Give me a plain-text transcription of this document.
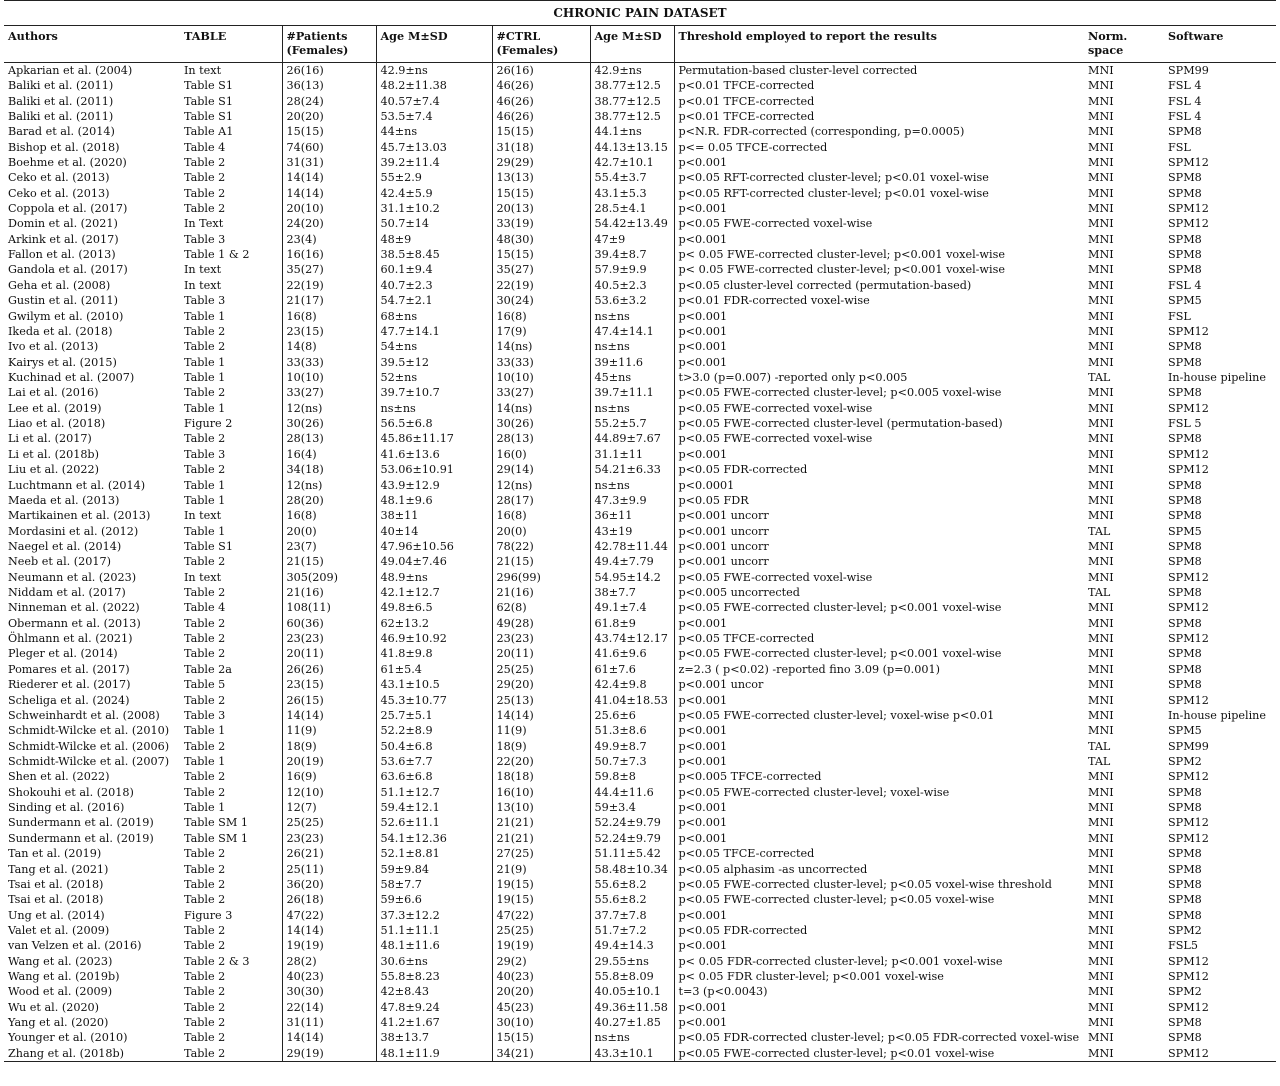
CHRONIC PAIN DATASET
Authors	TABLE	#Patients (Females)	Age M±SD	#CTRL (Females)	Age M±SD	Threshold employed to report the results	Norm. space	Software
Apkarian et al. (2004)	In text	26(16)	42.9±ns	26(16)	42.9±ns	Permutation-based cluster-level corrected	MNI	SPM99
Baliki et al. (2011)	Table S1	36(13)	48.2±11.38	46(26)	38.77±12.5	p<0.01 TFCE-corrected	MNI	FSL 4
Baliki et al. (2011)	Table S1	28(24)	40.57±7.4	46(26)	38.77±12.5	p<0.01 TFCE-corrected	MNI	FSL 4
Baliki et al. (2011)	Table S1	20(20)	53.5±7.4	46(26)	38.77±12.5	p<0.01 TFCE-corrected	MNI	FSL 4
Barad et al. (2014)	Table A1	15(15)	44±ns	15(15)	44.1±ns	p<N.R. FDR-corrected (corresponding, p=0.0005)	MNI	SPM8
Bishop et al. (2018)	Table 4	74(60)	45.7±13.03	31(18)	44.13±13.15	p<= 0.05 TFCE-corrected	MNI	FSL
Boehme et al. (2020)	Table 2	31(31)	39.2±11.4	29(29)	42.7±10.1	p<0.001	MNI	SPM12
Ceko et al. (2013)	Table 2	14(14)	55±2.9	13(13)	55.4±3.7	p<0.05 RFT-corrected cluster-level; p<0.01 voxel-wise	MNI	SPM8
Ceko et al. (2013)	Table 2	14(14)	42.4±5.9	15(15)	43.1±5.3	p<0.05 RFT-corrected cluster-level; p<0.01 voxel-wise	MNI	SPM8
Coppola et al. (2017)	Table 2	20(10)	31.1±10.2	20(13)	28.5±4.1	p<0.001	MNI	SPM12
Domin et al. (2021)	In Text	24(20)	50.7±14	33(19)	54.42±13.49	p<0.05 FWE-corrected voxel-wise	MNI	SPM12
Arkink et al. (2017)	Table 3	23(4)	48±9	48(30)	47±9	p<0.001	MNI	SPM8
Fallon et al. (2013)	Table 1 & 2	16(16)	38.5±8.45	15(15)	39.4±8.7	p< 0.05 FWE-corrected cluster-level; p<0.001 voxel-wise	MNI	SPM8
Gandola et al. (2017)	In text	35(27)	60.1±9.4	35(27)	57.9±9.9	p< 0.05 FWE-corrected cluster-level; p<0.001 voxel-wise	MNI	SPM8
Geha et al. (2008)	In text	22(19)	40.7±2.3	22(19)	40.5±2.3	p<0.05 cluster-level corrected (permutation-based)	MNI	FSL 4
Gustin et al. (2011)	Table 3	21(17)	54.7±2.1	30(24)	53.6±3.2	p<0.01 FDR-corrected voxel-wise	MNI	SPM5
Gwilym et al. (2010)	Table 1	16(8)	68±ns	16(8)	ns±ns	p<0.001	MNI	FSL
Ikeda et al. (2018)	Table 2	23(15)	47.7±14.1	17(9)	47.4±14.1	p<0.001	MNI	SPM12
Ivo et al. (2013)	Table 2	14(8)	54±ns	14(ns)	ns±ns	p<0.001	MNI	SPM8
Kairys et al. (2015)	Table 1	33(33)	39.5±12	33(33)	39±11.6	p<0.001	MNI	SPM8
Kuchinad et al. (2007)	Table 1	10(10)	52±ns	10(10)	45±ns	t>3.0 (p=0.007) -reported only p<0.005	TAL	In-house pipeline
Lai et al. (2016)	Table 2	33(27)	39.7±10.7	33(27)	39.7±11.1	p<0.05 FWE-corrected cluster-level; p<0.005 voxel-wise	MNI	SPM8
Lee et al. (2019)	Table 1	12(ns)	ns±ns	14(ns)	ns±ns	p<0.05 FWE-corrected voxel-wise	MNI	SPM12
Liao et al. (2018)	Figure 2	30(26)	56.5±6.8	30(26)	55.2±5.7	p<0.05 FWE-corrected cluster-level (permutation-based)	MNI	FSL 5
Li et al. (2017)	Table 2	28(13)	45.86±11.17	28(13)	44.89±7.67	p<0.05 FWE-corrected voxel-wise	MNI	SPM8
Li et al. (2018b)	Table 3	16(4)	41.6±13.6	16(0)	31.1±11	p<0.001	MNI	SPM12
Liu et al. (2022)	Table 2	34(18)	53.06±10.91	29(14)	54.21±6.33	p<0.05 FDR-corrected	MNI	SPM12
Luchtmann et al. (2014)	Table 1	12(ns)	43.9±12.9	12(ns)	ns±ns	p<0.0001	MNI	SPM8
Maeda et al. (2013)	Table 1	28(20)	48.1±9.6	28(17)	47.3±9.9	p<0.05 FDR	MNI	SPM8
Martikainen et al. (2013)	In text	16(8)	38±11	16(8)	36±11	p<0.001 uncorr	MNI	SPM8
Mordasini et al. (2012)	Table 1	20(0)	40±14	20(0)	43±19	p<0.001 uncorr	TAL	SPM5
Naegel et al. (2014)	Table S1	23(7)	47.96±10.56	78(22)	42.78±11.44	p<0.001 uncorr	MNI	SPM8
Neeb et al. (2017)	Table 2	21(15)	49.04±7.46	21(15)	49.4±7.79	p<0.001 uncorr	MNI	SPM8
Neumann et al. (2023)	In text	305(209)	48.9±ns	296(99)	54.95±14.2	p<0.05 FWE-corrected voxel-wise	MNI	SPM12
Niddam et al. (2017)	Table 2	21(16)	42.1±12.7	21(16)	38±7.7	p<0.005 uncorrected	TAL	SPM8
Ninneman et al. (2022)	Table 4	108(11)	49.8±6.5	62(8)	49.1±7.4	p<0.05 FWE-corrected cluster-level; p<0.001 voxel-wise	MNI	SPM12
Obermann et al. (2013)	Table 2	60(36)	62±13.2	49(28)	61.8±9	p<0.001	MNI	SPM8
Öhlmann et al. (2021)	Table 2	23(23)	46.9±10.92	23(23)	43.74±12.17	p<0.05 TFCE-corrected	MNI	SPM12
Pleger et al. (2014)	Table 2	20(11)	41.8±9.8	20(11)	41.6±9.6	p<0.05 FWE-corrected cluster-level; p<0.001 voxel-wise	MNI	SPM8
Pomares et al. (2017)	Table 2a	26(26)	61±5.4	25(25)	61±7.6	z=2.3 ( p<0.02) -reported fino 3.09 (p=0.001)	MNI	SPM8
Riederer et al. (2017)	Table 5	23(15)	43.1±10.5	29(20)	42.4±9.8	p<0.001 uncor	MNI	SPM8
Scheliga et al. (2024)	Table 2	26(15)	45.3±10.77	25(13)	41.04±18.53	p<0.001	MNI	SPM12
Schweinhardt et al. (2008)	Table 3	14(14)	25.7±5.1	14(14)	25.6±6	p<0.05 FWE-corrected cluster-level; voxel-wise p<0.01	MNI	In-house pipeline
Schmidt-Wilcke et al. (2010)	Table 1	11(9)	52.2±8.9	11(9)	51.3±8.6	p<0.001	MNI	SPM5
Schmidt-Wilcke et al. (2006)	Table 2	18(9)	50.4±6.8	18(9)	49.9±8.7	p<0.001	TAL	SPM99
Schmidt-Wilcke et al. (2007)	Table 1	20(19)	53.6±7.7	22(20)	50.7±7.3	p<0.001	TAL	SPM2
Shen et al. (2022)	Table 2	16(9)	63.6±6.8	18(18)	59.8±8	p<0.005 TFCE-corrected	MNI	SPM12
Shokouhi et al. (2018)	Table 2	12(10)	51.1±12.7	16(10)	44.4±11.6	p<0.05 FWE-corrected cluster-level; voxel-wise	MNI	SPM8
Sinding et al. (2016)	Table 1	12(7)	59.4±12.1	13(10)	59±3.4	p<0.001	MNI	SPM8
Sundermann et al. (2019)	Table SM 1	25(25)	52.6±11.1	21(21)	52.24±9.79	p<0.001	MNI	SPM12
Sundermann et al. (2019)	Table SM 1	23(23)	54.1±12.36	21(21)	52.24±9.79	p<0.001	MNI	SPM12
Tan et al. (2019)	Table 2	26(21)	52.1±8.81	27(25)	51.11±5.42	p<0.05 TFCE-corrected	MNI	SPM8
Tang et al. (2021)	Table 2	25(11)	59±9.84	21(9)	58.48±10.34	p<0.05 alphasim -as uncorrected	MNI	SPM8
Tsai et al. (2018)	Table 2	36(20)	58±7.7	19(15)	55.6±8.2	p<0.05 FWE-corrected cluster-level; p<0.05 voxel-wise threshold	MNI	SPM8
Tsai et al. (2018)	Table 2	26(18)	59±6.6	19(15)	55.6±8.2	p<0.05 FWE-corrected cluster-level; p<0.05 voxel-wise	MNI	SPM8
Ung et al. (2014)	Figure 3	47(22)	37.3±12.2	47(22)	37.7±7.8	p<0.001	MNI	SPM8
Valet et al. (2009)	Table 2	14(14)	51.1±11.1	25(25)	51.7±7.2	p<0.05 FDR-corrected	MNI	SPM2
van Velzen et al. (2016)	Table 2	19(19)	48.1±11.6	19(19)	49.4±14.3	p<0.001	MNI	FSL5
Wang et al. (2023)	Table 2 & 3	28(2)	30.6±ns	29(2)	29.55±ns	p< 0.05 FDR-corrected cluster-level; p<0.001 voxel-wise	MNI	SPM12
Wang et al. (2019b)	Table 2	40(23)	55.8±8.23	40(23)	55.8±8.09	p< 0.05 FDR cluster-level; p<0.001 voxel-wise	MNI	SPM12
Wood et al. (2009)	Table 2	30(30)	42±8.43	20(20)	40.05±10.1	t=3 (p<0.0043)	MNI	SPM2
Wu et al. (2020)	Table 2	22(14)	47.8±9.24	45(23)	49.36±11.58	p<0.001	MNI	SPM12
Yang et al. (2020)	Table 2	31(11)	41.2±1.67	30(10)	40.27±1.85	p<0.001	MNI	SPM8
Younger et al. (2010)	Table 2	14(14)	38±13.7	15(15)	ns±ns	p<0.05 FDR-corrected cluster-level; p<0.05 FDR-corrected voxel-wise	MNI	SPM8
Zhang et al. (2018b)	Table 2	29(19)	48.1±11.9	34(21)	43.3±10.1	p<0.05 FWE-corrected cluster-level; p<0.01 voxel-wise	MNI	SPM12
